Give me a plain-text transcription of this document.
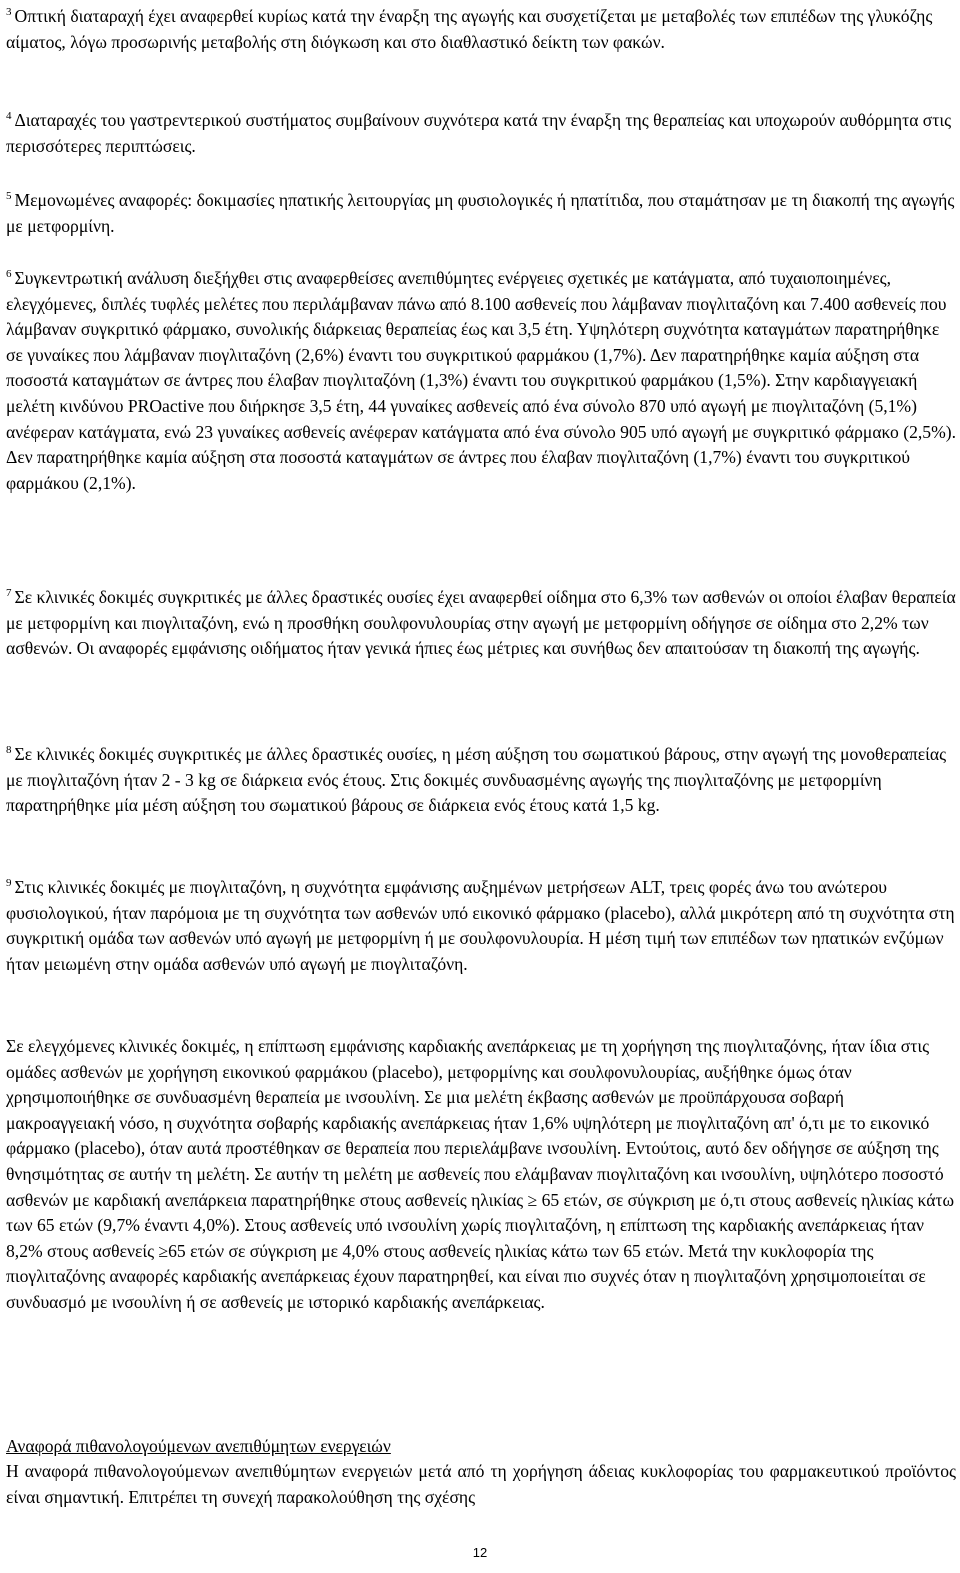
$^3$ Οπτική διαταραχή έχει αναφερθεί κυρίως κατά την έναρξη της αγωγής και συσχετίζεται με μεταβολές των επιπέδων της γλυκόζης αίματος, λόγω προσωρινής μεταβολής στη διόγκωση και στο διαθλαστικό δείκτη των φακών.

$^4$ Διαταραχές του γαστρεντερικού συστήματος συμβαίνουν συχνότερα κατά την έναρξη της θεραπείας και υποχωρούν αυθόρμητα στις περισσότερες περιπτώσεις.

$^5$ Μεμονωμένες αναφορές: δοκιμασίες ηπατικής λειτουργίας μη φυσιολογικές ή ηπατίτιδα, που σταμάτησαν με τη διακοπή της αγωγής με μετφορμίνη.

$^6$ Συγκεντρωτική ανάλυση διεξήχθει στις αναφερθείσες ανεπιθύμητες ενέργειες σχετικές με κατάγματα, από τυχαιοποιημένες, ελεγχόμενες, διπλές τυφλές μελέτες που περιλάμβαναν πάνω από 8.100 ασθενείς που λάμβαναν πιογλιταζόνη και 7.400 ασθενείς που λάμβαναν συγκριτικό φάρμακο, συνολικής διάρκειας θεραπείας έως και 3,5 έτη. Υψηλότερη συχνότητα καταγμάτων παρατηρήθηκε σε γυναίκες που λάμβαναν πιογλιταζόνη (2,6%) έναντι του συγκριτικού φαρμάκου (1,7%). Δεν παρατηρήθηκε καμία αύξηση στα ποσοστά καταγμάτων σε άντρες που έλαβαν πιογλιταζόνη (1,3%) έναντι του συγκριτικού φαρμάκου (1,5%). Στην καρδιαγγειακή μελέτη κινδύνου PROactive που διήρκησε 3,5 έτη, 44 γυναίκες ασθενείς από ένα σύνολο 870 υπό αγωγή με πιογλιταζόνη (5,1%) ανέφεραν κατάγματα, ενώ 23 γυναίκες ασθενείς ανέφεραν κατάγματα από ένα σύνολο 905 υπό αγωγή με συγκριτικό φάρμακο (2,5%). Δεν παρατηρήθηκε καμία αύξηση στα ποσοστά καταγμάτων σε άντρες που έλαβαν πιογλιταζόνη (1,7%) έναντι του συγκριτικού φαρμάκου (2,1%).

$^7$ Σε κλινικές δοκιμές συγκριτικές με άλλες δραστικές ουσίες έχει αναφερθεί οίδημα στο 6,3% των ασθενών οι οποίοι έλαβαν θεραπεία με μετφορμίνη και πιογλιταζόνη, ενώ η προσθήκη σουλφονυλουρίας στην αγωγή με μετφορμίνη οδήγησε σε οίδημα στο 2,2% των ασθενών. Οι αναφορές εμφάνισης οιδήματος ήταν γενικά ήπιες έως μέτριες και συνήθως δεν απαιτούσαν τη διακοπή της αγωγής.

$^8$ Σε κλινικές δοκιμές συγκριτικές με άλλες δραστικές ουσίες, η μέση αύξηση του σωματικού βάρους, στην αγωγή της μονοθεραπείας με πιογλιταζόνη ήταν 2 - 3 kg σε διάρκεια ενός έτους. Στις δοκιμές συνδυασμένης αγωγής της πιογλιταζόνης με μετφορμίνη παρατηρήθηκε μία μέση αύξηση του σωματικού βάρους σε διάρκεια ενός έτους κατά 1,5 kg.

$^9$ Στις κλινικές δοκιμές με πιογλιταζόνη, η συχνότητα εμφάνισης αυξημένων μετρήσεων ALT, τρεις φορές άνω του ανώτερου φυσιολογικού, ήταν παρόμοια με τη συχνότητα των ασθενών υπό εικονικό φάρμακο (placebo), αλλά μικρότερη από τη συχνότητα στη συγκριτική ομάδα των ασθενών υπό αγωγή με μετφορμίνη ή με σουλφονυλουρία. Η μέση τιμή των επιπέδων των ηπατικών ενζύμων ήταν μειωμένη στην ομάδα ασθενών υπό αγωγή με πιογλιταζόνη.

Σε ελεγχόμενες κλινικές δοκιμές, η επίπτωση εμφάνισης καρδιακής ανεπάρκειας με τη χορήγηση της πιογλιταζόνης, ήταν ίδια στις ομάδες ασθενών με χορήγηση εικονικού φαρμάκου (placebo), μετφορμίνης και σουλφονυλουρίας, αυξήθηκε όμως όταν χρησιμοποιήθηκε σε συνδυασμένη θεραπεία με ινσουλίνη. Σε μια μελέτη έκβασης ασθενών με προϋπάρχουσα σοβαρή μακροαγγειακή νόσο, η συχνότητα σοβαρής καρδιακής ανεπάρκειας ήταν 1,6% υψηλότερη με πιογλιταζόνη απ' ό,τι με το εικονικό φάρμακο (placebo), όταν αυτά προστέθηκαν σε θεραπεία που περιελάμβανε ινσουλίνη. Εντούτοις, αυτό δεν οδήγησε σε αύξηση της θνησιμότητας σε αυτήν τη μελέτη. Σε αυτήν τη μελέτη με ασθενείς που ελάμβαναν πιογλιταζόνη και ινσουλίνη, υψηλότερο ποσοστό ασθενών με καρδιακή ανεπάρκεια παρατηρήθηκε στους ασθενείς ηλικίας ≥ 65 ετών, σε σύγκριση με ό,τι στους ασθενείς ηλικίας κάτω των 65 ετών (9,7% έναντι 4,0%). Στους ασθενείς υπό ινσουλίνη χωρίς πιογλιταζόνη, η επίπτωση της καρδιακής ανεπάρκειας ήταν 8,2% στους ασθενείς ≥65 ετών σε σύγκριση με 4,0% στους ασθενείς ηλικίας κάτω των 65 ετών. Μετά την κυκλοφορία της πιογλιταζόνης αναφορές καρδιακής ανεπάρκειας έχουν παρατηρηθεί, και είναι πιο συχνές όταν η πιογλιταζόνη χρησιμοποιείται σε συνδυασμό με ινσουλίνη ή σε ασθενείς με ιστορικό καρδιακής ανεπάρκειας.

Αναφορά πιθανολογούμενων ανεπιθύμητων ενεργειών

Η αναφορά πιθανολογούμενων ανεπιθύμητων ενεργειών μετά από τη χορήγηση άδειας κυκλοφορίας του φαρμακευτικού προϊόντος είναι σημαντική. Επιτρέπει τη συνεχή παρακολούθηση της σχέσης

12
